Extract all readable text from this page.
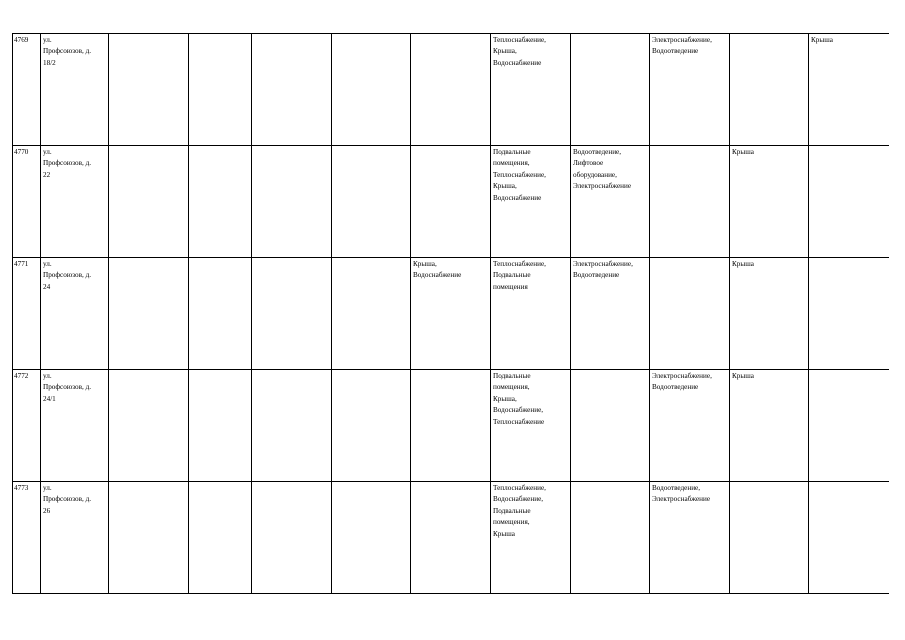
4769	ул.
Профсоюзов, д.
18/2						Теплоснабжение,
Крыша,
Водоснабжение		Электроснабжение,
Водоотведение		Крыша
4770	ул.
Профсоюзов, д.
22						Подвальные
помещения,
Теплоснабжение,
Крыша,
Водоснабжение	Водоотведение,
Лифтовое
оборудование,
Электроснабжение		Крыша	
4771	ул.
Профсоюзов, д.
24					Крыша,
Водоснабжение	Теплоснабжение,
Подвальные
помещения	Электроснабжение,
Водоотведение		Крыша	
4772	ул.
Профсоюзов, д.
24/1						Подвальные
помещения,
Крыша,
Водоснабжение,
Теплоснабжение		Электроснабжение,
Водоотведение	Крыша	
4773	ул.
Профсоюзов, д.
26						Теплоснабжение,
Водоснабжение,
Подвальные
помещения,
Крыша		Водоотведение,
Электроснабжение		
